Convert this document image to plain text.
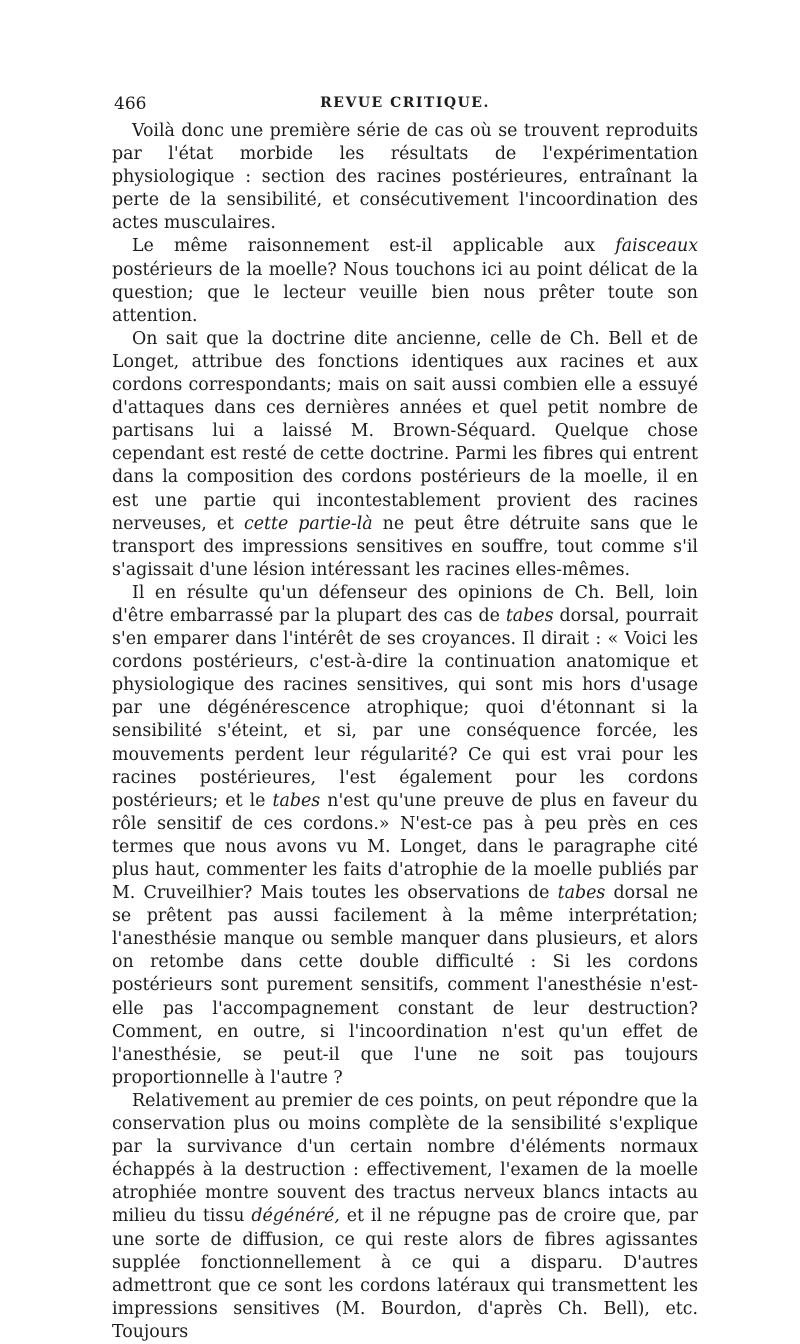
466	REVUE CRITIQUE.

Voilà donc une première série de cas où se trouvent reproduits par l'état morbide les résultats de l'expérimentation physiologique : section des racines postérieures, entraînant la perte de la sensibilité, et consécutivement l'incoordination des actes musculaires.

Le même raisonnement est-il applicable aux faisceaux postérieurs de la moelle? Nous touchons ici au point délicat de la question; que le lecteur veuille bien nous prêter toute son attention.

On sait que la doctrine dite ancienne, celle de Ch. Bell et de Longet, attribue des fonctions identiques aux racines et aux cordons correspondants; mais on sait aussi combien elle a essuyé d'attaques dans ces dernières années et quel petit nombre de partisans lui a laissé M. Brown-Séquard. Quelque chose cependant est resté de cette doctrine. Parmi les fibres qui entrent dans la composition des cordons postérieurs de la moelle, il en est une partie qui incontestablement provient des racines nerveuses, et cette partie-là ne peut être détruite sans que le transport des impressions sensitives en souffre, tout comme s'il s'agissait d'une lésion intéressant les racines elles-mêmes.

Il en résulte qu'un défenseur des opinions de Ch. Bell, loin d'être embarrassé par la plupart des cas de tabes dorsal, pourrait s'en emparer dans l'intérêt de ses croyances. Il dirait : « Voici les cordons postérieurs, c'est-à-dire la continuation anatomique et physiologique des racines sensitives, qui sont mis hors d'usage par une dégénérescence atrophique; quoi d'étonnant si la sensibilité s'éteint, et si, par une conséquence forcée, les mouvements perdent leur régularité? Ce qui est vrai pour les racines postérieures, l'est également pour les cordons postérieurs; et le tabes n'est qu'une preuve de plus en faveur du rôle sensitif de ces cordons.» N'est-ce pas à peu près en ces termes que nous avons vu M. Longet, dans le paragraphe cité plus haut, commenter les faits d'atrophie de la moelle publiés par M. Cruveilhier? Mais toutes les observations de tabes dorsal ne se prêtent pas aussi facilement à la même interprétation; l'anesthésie manque ou semble manquer dans plusieurs, et alors on retombe dans cette double difficulté : Si les cordons postérieurs sont purement sensitifs, comment l'anesthésie n'est-elle pas l'accompagnement constant de leur destruction? Comment, en outre, si l'incoordination n'est qu'un effet de l'anesthésie, se peut-il que l'une ne soit pas toujours proportionnelle à l'autre ?

Relativement au premier de ces points, on peut répondre que la conservation plus ou moins complète de la sensibilité s'explique par la survivance d'un certain nombre d'éléments normaux échappés à la destruction : effectivement, l'examen de la moelle atrophiée montre souvent des tractus nerveux blancs intacts au milieu du tissu dégénéré, et il ne répugne pas de croire que, par une sorte de diffusion, ce qui reste alors de fibres agissantes supplée fonctionnellement à ce qui a disparu. D'autres admettront que ce sont les cordons latéraux qui transmettent les impressions sensitives (M. Bourdon, d'après Ch. Bell), etc. Toujours
